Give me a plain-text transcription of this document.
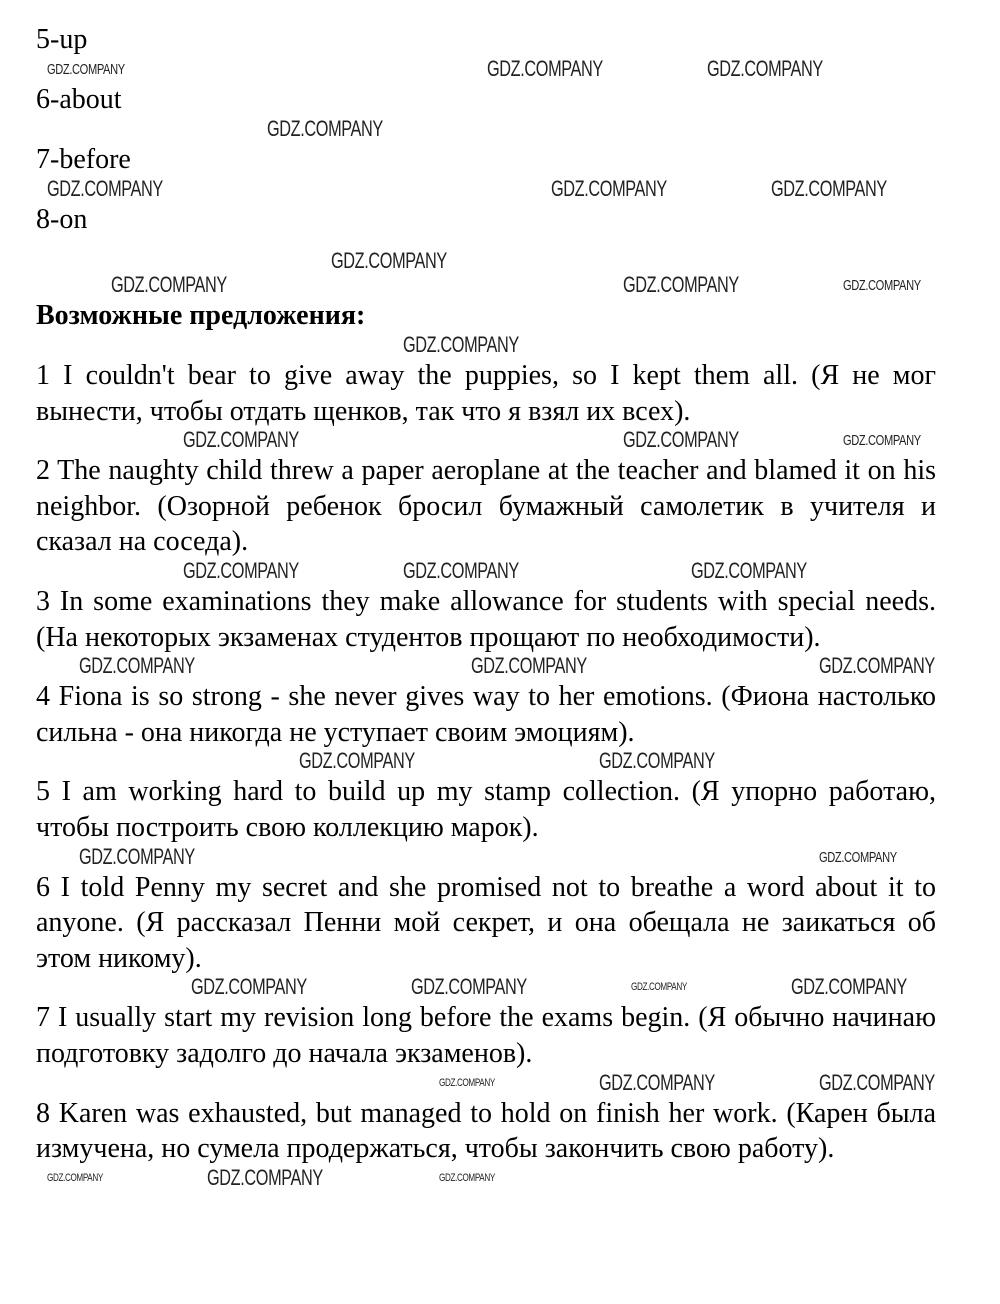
5-up
GDZ.COMPANY	GDZ.COMPANY	GDZ.COMPANY
6-about
GDZ.COMPANY
7-before
GDZ.COMPANY	GDZ.COMPANY	GDZ.COMPANY
8-on
GDZ.COMPANY
GDZ.COMPANY	GDZ.COMPANY	GDZ.COMPANY
Возможные предложения:
GDZ.COMPANY

1 I couldn't bear to give away the puppies, so I kept them all. (Я не мог вынести, чтобы отдать щенков, так что я взял их всех).

GDZ.COMPANY	GDZ.COMPANY	GDZ.COMPANY

2 The naughty child threw a paper aeroplane at the teacher and blamed it on his neighbor. (Озорной ребенок бросил бумажный самолетик в учителя и сказал на соседа).

GDZ.COMPANY	GDZ.COMPANY	GDZ.COMPANY

3 In some examinations they make allowance for students with special needs. (На некоторых экзаменах студентов прощают по необходимости).

GDZ.COMPANY	GDZ.COMPANY	GDZ.COMPANY

4 Fiona is so strong - she never gives way to her emotions. (Фиона настолько сильна - она никогда не уступает своим эмоциям).

GDZ.COMPANY	GDZ.COMPANY

5 I am working hard to build up my stamp collection. (Я упорно работаю, чтобы построить свою коллекцию марок).

GDZ.COMPANY	GDZ.COMPANY

6 I told Penny my secret and she promised not to breathe a word about it to anyone. (Я рассказал Пенни мой секрет, и она обещала не заикаться об этом никому).

GDZ.COMPANY	GDZ.COMPANY	GDZ.COMPANY	GDZ.COMPANY

7 I usually start my revision long before the exams begin. (Я обычно начинаю подготовку задолго до начала экзаменов).

GDZ.COMPANY	GDZ.COMPANY	GDZ.COMPANY

8 Karen was exhausted, but managed to hold on finish her work. (Карен была измучена, но сумела продержаться, чтобы закончить свою работу).

GDZ.COMPANY	GDZ.COMPANY	GDZ.COMPANY
